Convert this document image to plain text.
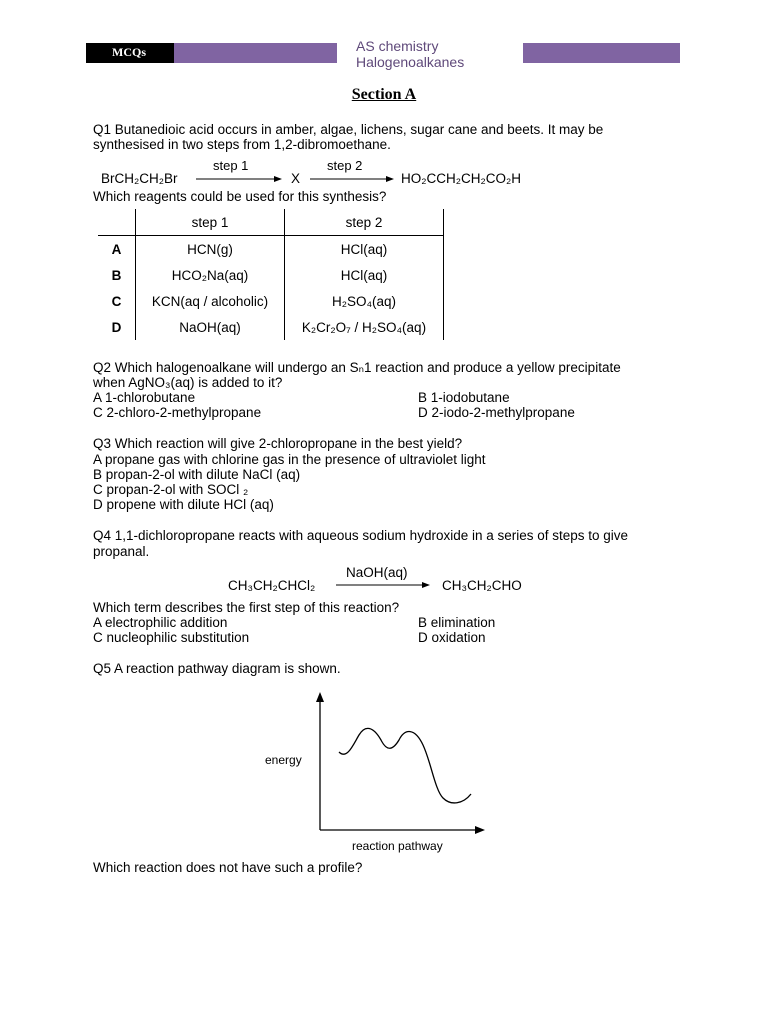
MCQs	AS chemistry
Halogenoalkanes
Section A
Q1 Butanedioic acid occurs in amber, algae, lichens, sugar cane and beets. It may be
synthesised in two steps from 1,2-dibromoethane.
BrCH₂CH₂Br
step 1
X
step 2
HO₂CCH₂CH₂CO₂H
Which reagents could be used for this synthesis?
	step 1	step 2
A	HCN(g)	HCl(aq)
B	HCO₂Na(aq)	HCl(aq)
C	KCN(aq / alcoholic)	H₂SO₄(aq)
D	NaOH(aq)	K₂Cr₂O₇ / H₂SO₄(aq)
Q2 Which halogenoalkane will undergo an Sₙ1 reaction and produce a yellow precipitate
when AgNO₃(aq) is added to it?
A 1-chlorobutane	B 1-iodobutane
C 2-chloro-2-methylpropane	D 2-iodo-2-methylpropane
Q3 Which reaction will give 2-chloropropane in the best yield?
A propane gas with chlorine gas in the presence of ultraviolet light
B propan-2-ol with dilute NaCl (aq)
C propan-2-ol with SOCl ₂
D propene with dilute HCl (aq)
Q4 1,1-dichloropropane reacts with aqueous sodium hydroxide in a series of steps to give
propanal.
CH₃CH₂CHCl₂
NaOH(aq)
CH₃CH₂CHO
Which term describes the first step of this reaction?
A electrophilic addition	B elimination
C nucleophilic substitution	D oxidation
Q5 A reaction pathway diagram is shown.
energy
reaction pathway
Which reaction does not have such a profile?
